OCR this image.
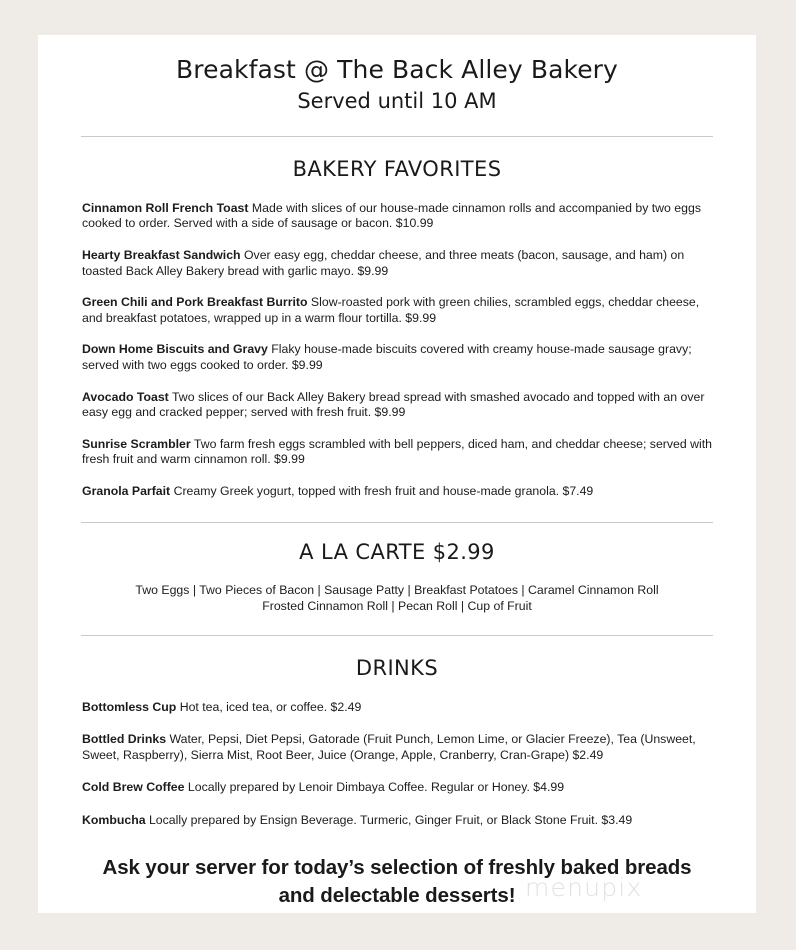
Breakfast @ The Back Alley Bakery
Served until 10 AM
BAKERY FAVORITES

Cinnamon Roll French Toast Made with slices of our house-made cinnamon rolls and accompanied by two eggs cooked to order. Served with a side of sausage or bacon. $10.99

Hearty Breakfast Sandwich Over easy egg, cheddar cheese, and three meats (bacon, sausage, and ham) on toasted Back Alley Bakery bread with garlic mayo. $9.99

Green Chili and Pork Breakfast Burrito Slow-roasted pork with green chilies, scrambled eggs, cheddar cheese, and breakfast potatoes, wrapped up in a warm flour tortilla. $9.99

Down Home Biscuits and Gravy Flaky house-made biscuits covered with creamy house-made sausage gravy; served with two eggs cooked to order. $9.99

Avocado Toast Two slices of our Back Alley Bakery bread spread with smashed avocado and topped with an over easy egg and cracked pepper; served with fresh fruit. $9.99

Sunrise Scrambler Two farm fresh eggs scrambled with bell peppers, diced ham, and cheddar cheese; served with fresh fruit and warm cinnamon roll. $9.99

Granola Parfait Creamy Greek yogurt, topped with fresh fruit and house-made granola. $7.49

A LA CARTE $2.99
Two Eggs | Two Pieces of Bacon | Sausage Patty | Breakfast Potatoes | Caramel Cinnamon Roll
Frosted Cinnamon Roll | Pecan Roll | Cup of Fruit
DRINKS

Bottomless Cup Hot tea, iced tea, or coffee. $2.49

Bottled Drinks Water, Pepsi, Diet Pepsi, Gatorade (Fruit Punch, Lemon Lime, or Glacier Freeze), Tea (Unsweet, Sweet, Raspberry), Sierra Mist, Root Beer, Juice (Orange, Apple, Cranberry, Cran-Grape) $2.49

Cold Brew Coffee Locally prepared by Lenoir Dimbaya Coffee. Regular or Honey. $4.99

Kombucha Locally prepared by Ensign Beverage. Turmeric, Ginger Fruit, or Black Stone Fruit. $3.49

Ask your server for today’s selection of freshly baked breads
and delectable desserts! menupix
